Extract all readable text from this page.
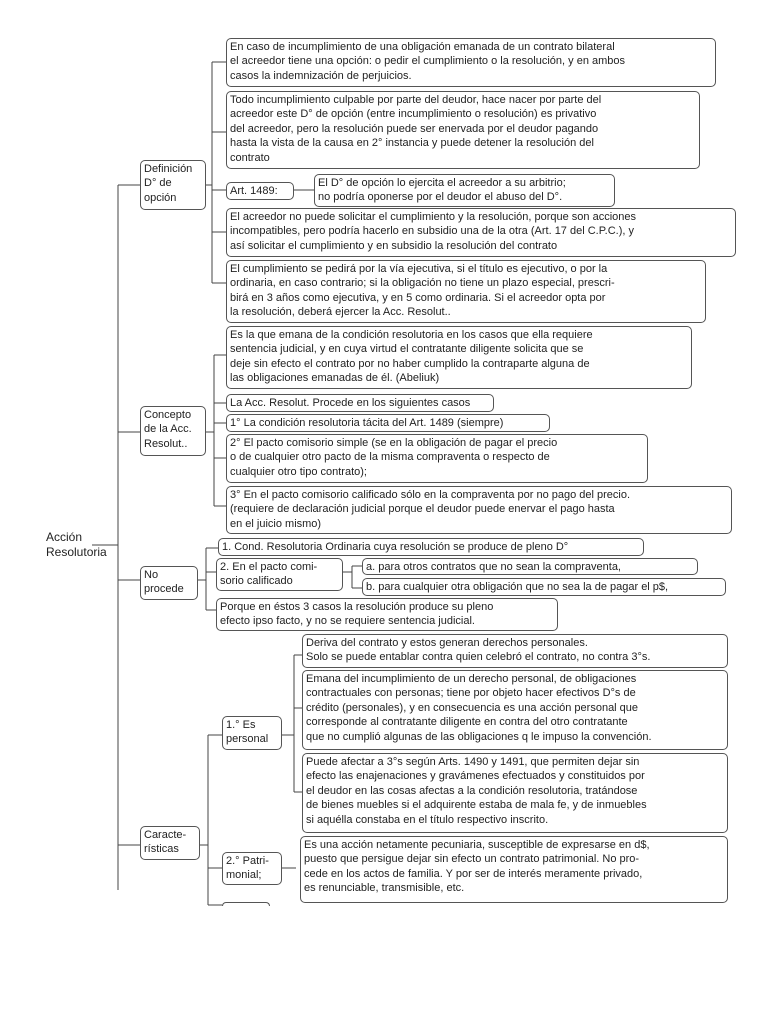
Acción
Resolutoria
Definición
D° de
opción
En caso de incumplimiento de una obligación emanada de un contrato bilateral
el acreedor tiene una opción: o pedir el cumplimiento o la resolución, y en ambos
casos la indemnización de perjuicios.
Todo incumplimiento culpable por parte del deudor, hace nacer por parte del
acreedor este D° de opción (entre incumplimiento o resolución) es privativo
del acreedor, pero la resolución puede ser enervada por el deudor pagando
hasta la vista de la causa en 2° instancia y puede detener la resolución del
contrato
Art. 1489:
El D° de opción lo ejercita el acreedor a su arbitrio;
no podría oponerse por el deudor el abuso del D°.
El acreedor no puede solicitar el cumplimiento y la resolución, porque son acciones
incompatibles, pero podría hacerlo en subsidio una de la otra (Art. 17 del C.P.C.), y
así solicitar el cumplimiento y en subsidio la resolución del contrato
El cumplimiento se pedirá por la vía ejecutiva, si el título es ejecutivo, o por la
ordinaria, en caso contrario; si la obligación no tiene un plazo especial, prescri-
birá en 3 años como ejecutiva, y en 5 como ordinaria. Si el acreedor opta por
la resolución, deberá ejercer la Acc. Resolut..
Concepto
de la Acc.
Resolut..
Es la que emana de la condición resolutoria en los casos que ella requiere
sentencia judicial, y en cuya virtud el contratante diligente solicita que se
deje sin efecto el contrato por no haber cumplido la contraparte alguna de
las obligaciones emanadas de él. (Abeliuk)
La Acc. Resolut. Procede en los siguientes casos
1° La condición resolutoria tácita del Art. 1489 (siempre)
2° El pacto comisorio simple (se en la obligación de pagar el precio
o de cualquier otro pacto de la misma compraventa o respecto de
cualquier otro tipo contrato);
3° En el pacto comisorio calificado sólo en la compraventa por no pago del precio.
(requiere de declaración judicial porque el deudor puede enervar el pago hasta
en el juicio mismo)
No
procede
1. Cond. Resolutoria Ordinaria cuya resolución se produce de pleno D°
2. En el pacto comi-
sorio calificado
a. para otros contratos que no sean la compraventa,
b. para cualquier otra obligación que no sea la de pagar el p$,
Porque en éstos 3 casos la resolución produce su pleno
efecto ipso facto, y no se requiere sentencia judicial.
Caracte-
rísticas
1.° Es
personal
Deriva del contrato y estos generan derechos personales.
Solo se puede entablar contra quien celebró el contrato, no contra 3°s.
Emana del incumplimiento de un derecho personal, de obligaciones
contractuales con personas; tiene por objeto hacer efectivos D°s de
crédito (personales), y en consecuencia es una acción personal que
corresponde al contratante diligente en contra del otro contratante
que no cumplió algunas de las obligaciones q le impuso la convención.
Puede afectar a 3°s según Arts. 1490 y 1491, que permiten dejar sin
efecto las enajenaciones y gravámenes efectuados y constituidos por
el deudor en las cosas afectas a la condición resolutoria, tratándose
de bienes muebles si el adquirente estaba de mala fe, y de inmuebles
si aquélla constaba en el título respectivo inscrito.
2.° Patri-
monial;
Es una acción netamente pecuniaria, susceptible de expresarse en d$,
puesto que persigue dejar sin efecto un contrato patrimonial. No pro-
cede en los actos de familia. Y por ser de interés meramente privado,
es renunciable, transmisible, etc.
